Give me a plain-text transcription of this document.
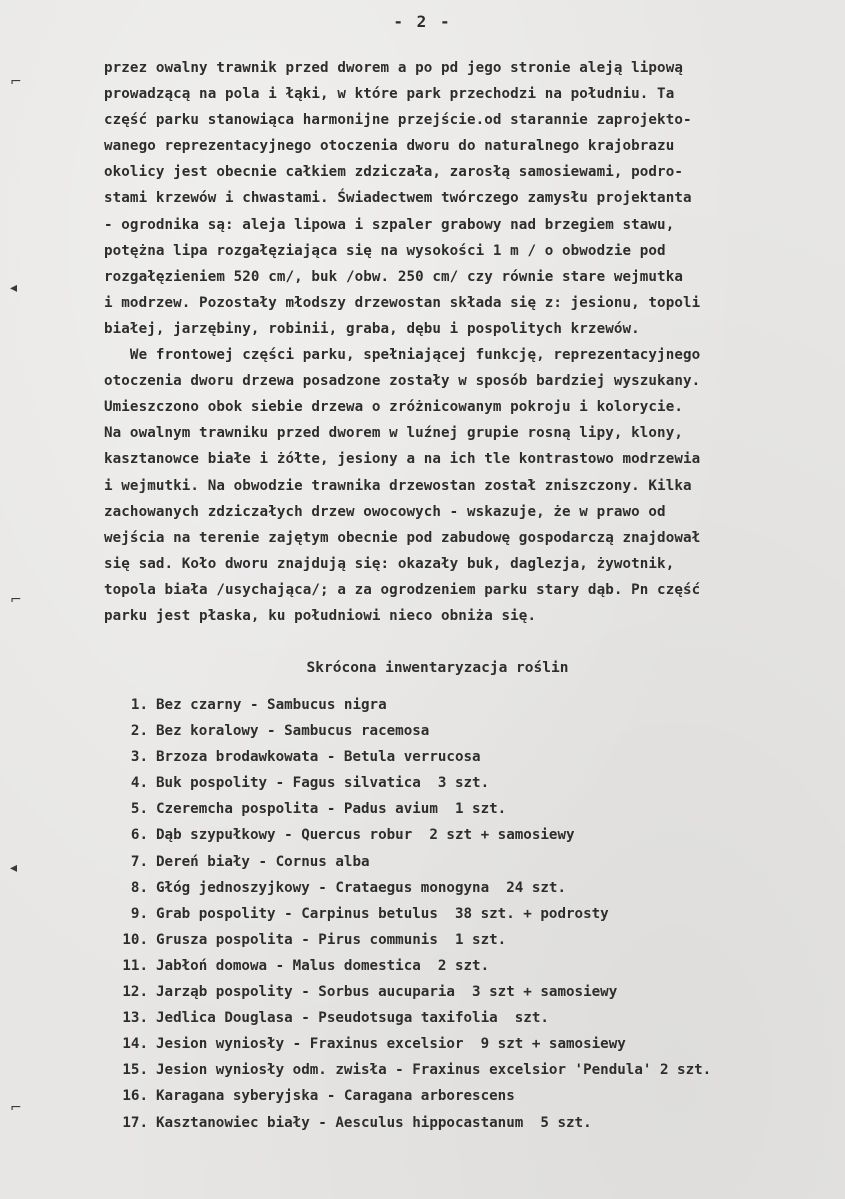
- 2 -
⌐
◂
⌐
◂
⌐
przez owalny trawnik przed dworem a po pd jego stronie aleją lipową
prowadzącą na pola i łąki, w które park przechodzi na południu. Ta
część parku stanowiąca harmonijne przejście.od starannie zaprojekto-
wanego reprezentacyjnego otoczenia dworu do naturalnego krajobrazu
okolicy jest obecnie całkiem zdziczała, zarosłą samosiewami, podro-
stami krzewów i chwastami. Świadectwem twórczego zamysłu projektanta
- ogrodnika są: aleja lipowa i szpaler grabowy nad brzegiem stawu,
potężna lipa rozgałęziająca się na wysokości 1 m / o obwodzie pod
rozgałęzieniem 520 cm/, buk /obw. 250 cm/ czy równie stare wejmutka
i modrzew. Pozostały młodszy drzewostan składa się z: jesionu, topoli
białej, jarzębiny, robinii, graba, dębu i pospolitych krzewów.
We frontowej części parku, spełniającej funkcję, reprezentacyjnego
otoczenia dworu drzewa posadzone zostały w sposób bardziej wyszukany.
Umieszczono obok siebie drzewa o zróżnicowanym pokroju i kolorycie.
Na owalnym trawniku przed dworem w luźnej grupie rosną lipy, klony,
kasztanowce białe i żółte, jesiony a na ich tle kontrastowo modrzewia
i wejmutki. Na obwodzie trawnika drzewostan został zniszczony. Kilka
zachowanych zdziczałych drzew owocowych - wskazuje, że w prawo od
wejścia na terenie zajętym obecnie pod zabudowę gospodarczą znajdował
się sad. Koło dworu znajdują się: okazały buk, daglezja, żywotnik,
topola biała /usychająca/; a za ogrodzeniem parku stary dąb. Pn część
parku jest płaska, ku południowi nieco obniża się.
Skrócona inwentaryzacja roślin
1. Bez czarny - Sambucus nigra
2. Bez koralowy - Sambucus racemosa
3. Brzoza brodawkowata - Betula verrucosa
4. Buk pospolity - Fagus silvatica  3 szt.
5. Czeremcha pospolita - Padus avium  1 szt.
6. Dąb szypułkowy - Quercus robur  2 szt + samosiewy
7. Dereń biały - Cornus alba
8. Głóg jednoszyjkowy - Crataegus monogyna  24 szt.
9. Grab pospolity - Carpinus betulus  38 szt. + podrosty
10. Grusza pospolita - Pirus communis  1 szt.
11. Jabłoń domowa - Malus domestica  2 szt.
12. Jarząb pospolity - Sorbus aucuparia  3 szt + samosiewy
13. Jedlica Douglasa - Pseudotsuga taxifolia  szt.
14. Jesion wyniosły - Fraxinus excelsior  9 szt + samosiewy
15. Jesion wyniosły odm. zwisła - Fraxinus excelsior 'Pendula' 2 szt.
16. Karagana syberyjska - Caragana arborescens
17. Kasztanowiec biały - Aesculus hippocastanum  5 szt.
